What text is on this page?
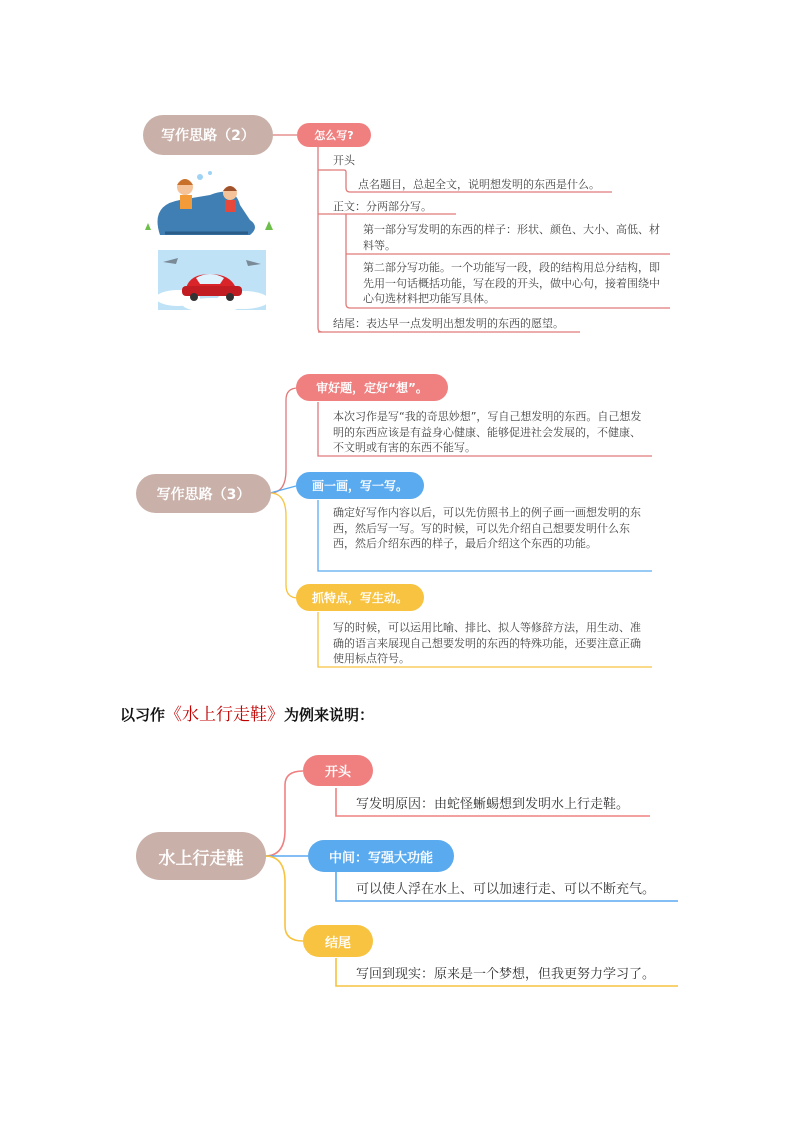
写作思路（2）	怎么写?
开头
点名题目，总起全文，说明想发明的东西是什么。
正文：分两部分写。
第一部分写发明的东西的样子：形状、颜色、大小、高低、材料等。
第二部分写功能。一个功能写一段，段的结构用总分结构，即先用一句话概括功能，写在段的开头，做中心句，接着围绕中心句选材料把功能写具体。
结尾：表达早一点发明出想发明的东西的愿望。
写作思路（3）
审好题，定好“想”。
本次习作是写“我的奇思妙想”，写自己想发明的东西。自己想发明的东西应该是有益身心健康、能够促进社会发展的，不健康、不文明或有害的东西不能写。
画一画，写一写。
确定好写作内容以后，可以先仿照书上的例子画一画想发明的东西，然后写一写。写的时候，可以先介绍自己想要发明什么东西，然后介绍东西的样子，最后介绍这个东西的功能。
抓特点，写生动。
写的时候，可以运用比喻、排比、拟人等修辞方法，用生动、准确的语言来展现自己想要发明的东西的特殊功能，还要注意正确使用标点符号。
以习作《水上行走鞋》为例来说明：
水上行走鞋
开头
写发明原因：由蛇怪蜥蜴想到发明水上行走鞋。
中间：写强大功能
可以使人浮在水上、可以加速行走、可以不断充气。
结尾
写回到现实：原来是一个梦想，但我更努力学习了。
